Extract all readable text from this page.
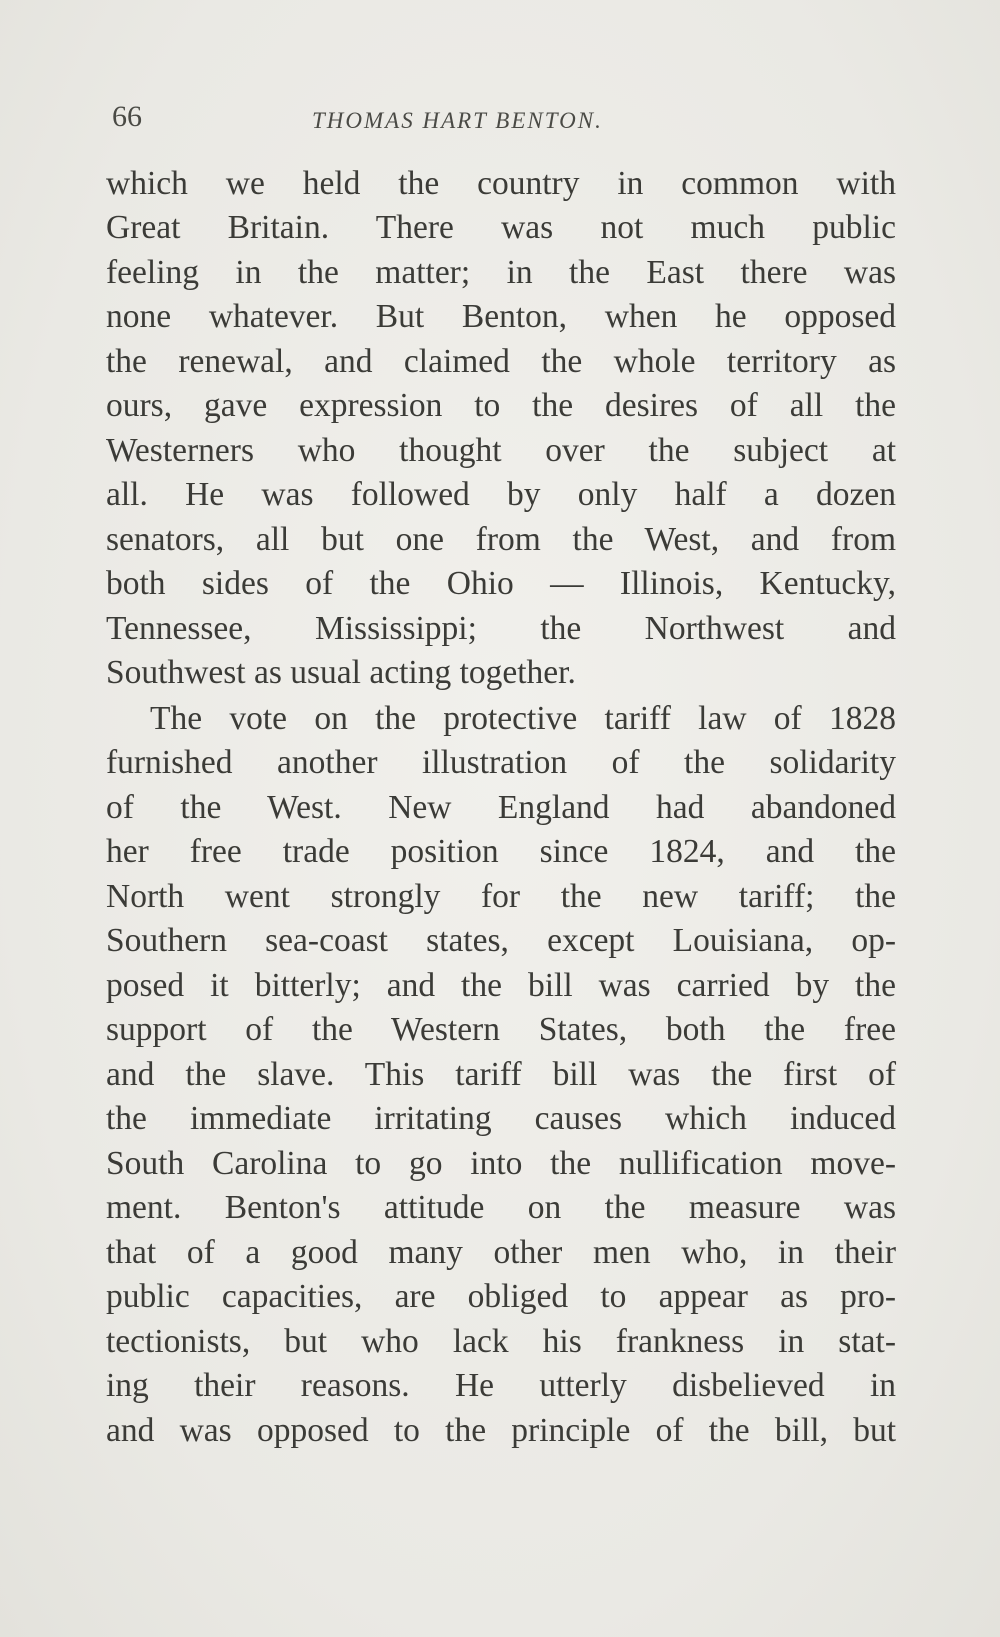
66	THOMAS HART BENTON.
which we held the country in common with
Great Britain. There was not much public
feeling in the matter; in the East there was
none whatever. But Benton, when he opposed
the renewal, and claimed the whole territory as
ours, gave expression to the desires of all the
Westerners who thought over the subject at
all. He was followed by only half a dozen
senators, all but one from the West, and from
both sides of the Ohio — Illinois, Kentucky,
Tennessee, Mississippi; the Northwest and
Southwest as usual acting together.
The vote on the protective tariff law of 1828
furnished another illustration of the solidarity
of the West. New England had abandoned
her free trade position since 1824, and the
North went strongly for the new tariff; the
Southern sea-coast states, except Louisiana, op-
posed it bitterly; and the bill was carried by the
support of the Western States, both the free
and the slave. This tariff bill was the first of
the immediate irritating causes which induced
South Carolina to go into the nullification move-
ment. Benton's attitude on the measure was
that of a good many other men who, in their
public capacities, are obliged to appear as pro-
tectionists, but who lack his frankness in stat-
ing their reasons. He utterly disbelieved in
and was opposed to the principle of the bill, but
